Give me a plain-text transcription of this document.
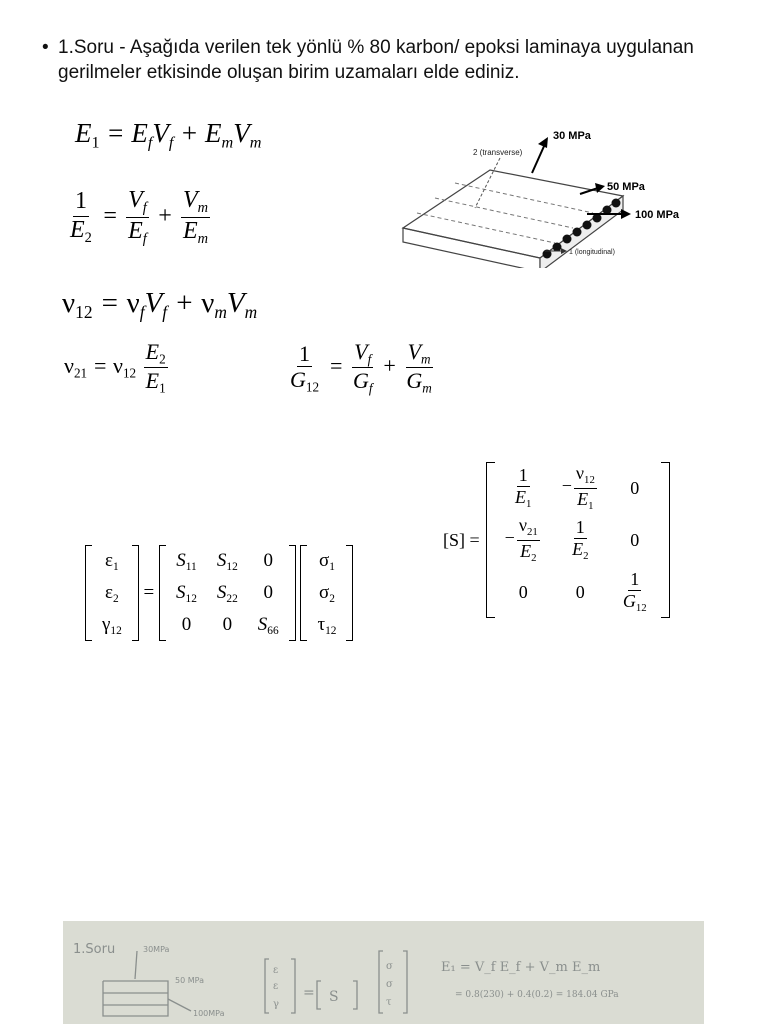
• 1.Soru - Aşağıda verilen tek yönlü % 80 karbon/ epoksi laminaya uygulanan gerilmeler etkisinde oluşan birim uzamaları elde ediniz.
$E_1 = E_fV_f + E_mV_m$
$\frac{1}{E_2} = \frac{V_f}{E_f} + \frac{V_m}{E_m}$
$\nu_{12} = \nu_fV_f + \nu_mV_m$
$\nu_{21} = \nu_{12} \frac{E_2}{E_1}$	$\frac{1}{G_{12}} = \frac{V_f}{G_f} + \frac{V_m}{G_m}$
$\varepsilon_1$
$\varepsilon_2$
$\gamma_{12}$
=
$S_{11}$	$S_{12}$	0
$S_{12}$	$S_{22}$	0
0	0	$S_{66}$

$\sigma_1$
$\sigma_2$
$\tau_{12}$
[S] =
$\frac{1}{E_1}$	− $\frac{\nu_{12}}{E_1}$	0
− $\frac{\nu_{21}}{E_2}$	$\frac{1}{E_2}$	0
0	0	$\frac{1}{G_{12}}$
2 (transverse)
30 MPa
50 MPa
100 MPa
1 (longitudinal)
1.Soru	30MPa
50 MPa
100MPa
ε
ε
γ
= S
σ
σ
τ
E₁ = V_f E_f + V_m E_m
= 0.8(230) + 0.4(0.2) = 184.04 GPa
